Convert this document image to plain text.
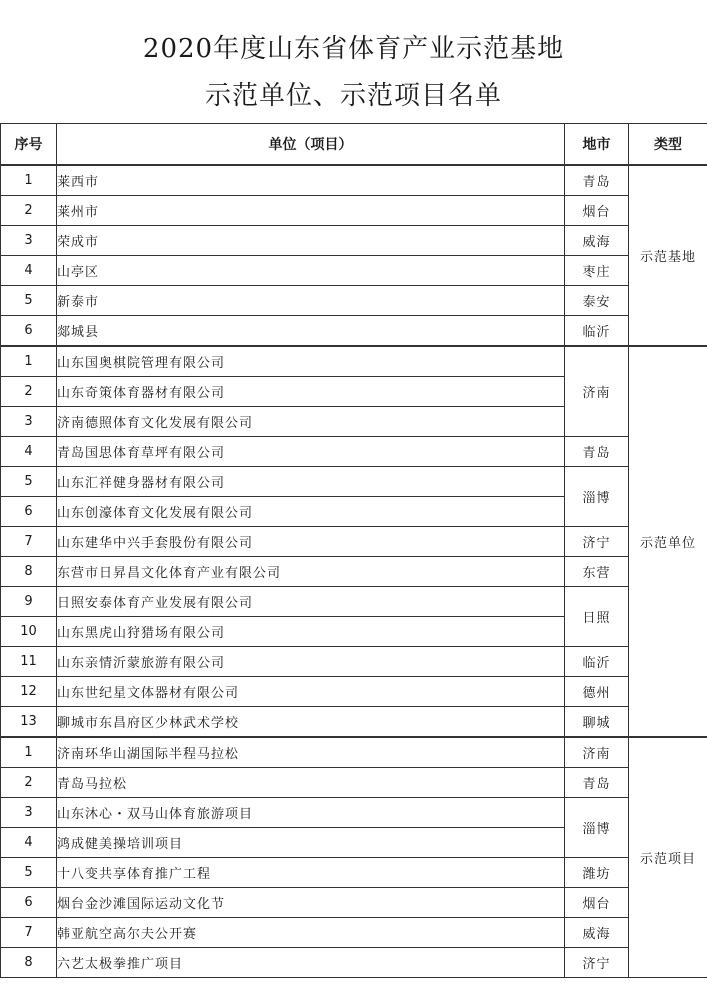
2020年度山东省体育产业示范基地
示范单位、示范项目名单
序号	单位（项目）	地市	类型
1	莱西市	青岛	示范基地
2	莱州市	烟台	
3	荣成市	威海	
4	山亭区	枣庄	
5	新泰市	泰安	
6	郯城县	临沂	
1	山东国奥棋院管理有限公司	济南	示范单位
2	山东奇策体育器材有限公司		
3	济南德照体育文化发展有限公司		
4	青岛国思体育草坪有限公司	青岛	
5	山东汇祥健身器材有限公司	淄博	
6	山东创濠体育文化发展有限公司		
7	山东建华中兴手套股份有限公司	济宁	
8	东营市日昇昌文化体育产业有限公司	东营	
9	日照安泰体育产业发展有限公司	日照	
10	山东黑虎山狩猎场有限公司		
11	山东亲情沂蒙旅游有限公司	临沂	
12	山东世纪星文体器材有限公司	德州	
13	聊城市东昌府区少林武术学校	聊城	
1	济南环华山湖国际半程马拉松	济南	示范项目
2	青岛马拉松	青岛	
3	山东沐心・双马山体育旅游项目	淄博	
4	鸿成健美操培训项目		
5	十八变共享体育推广工程	潍坊	
6	烟台金沙滩国际运动文化节	烟台	
7	韩亚航空高尔夫公开赛	威海	
8	六艺太极拳推广项目	济宁	
